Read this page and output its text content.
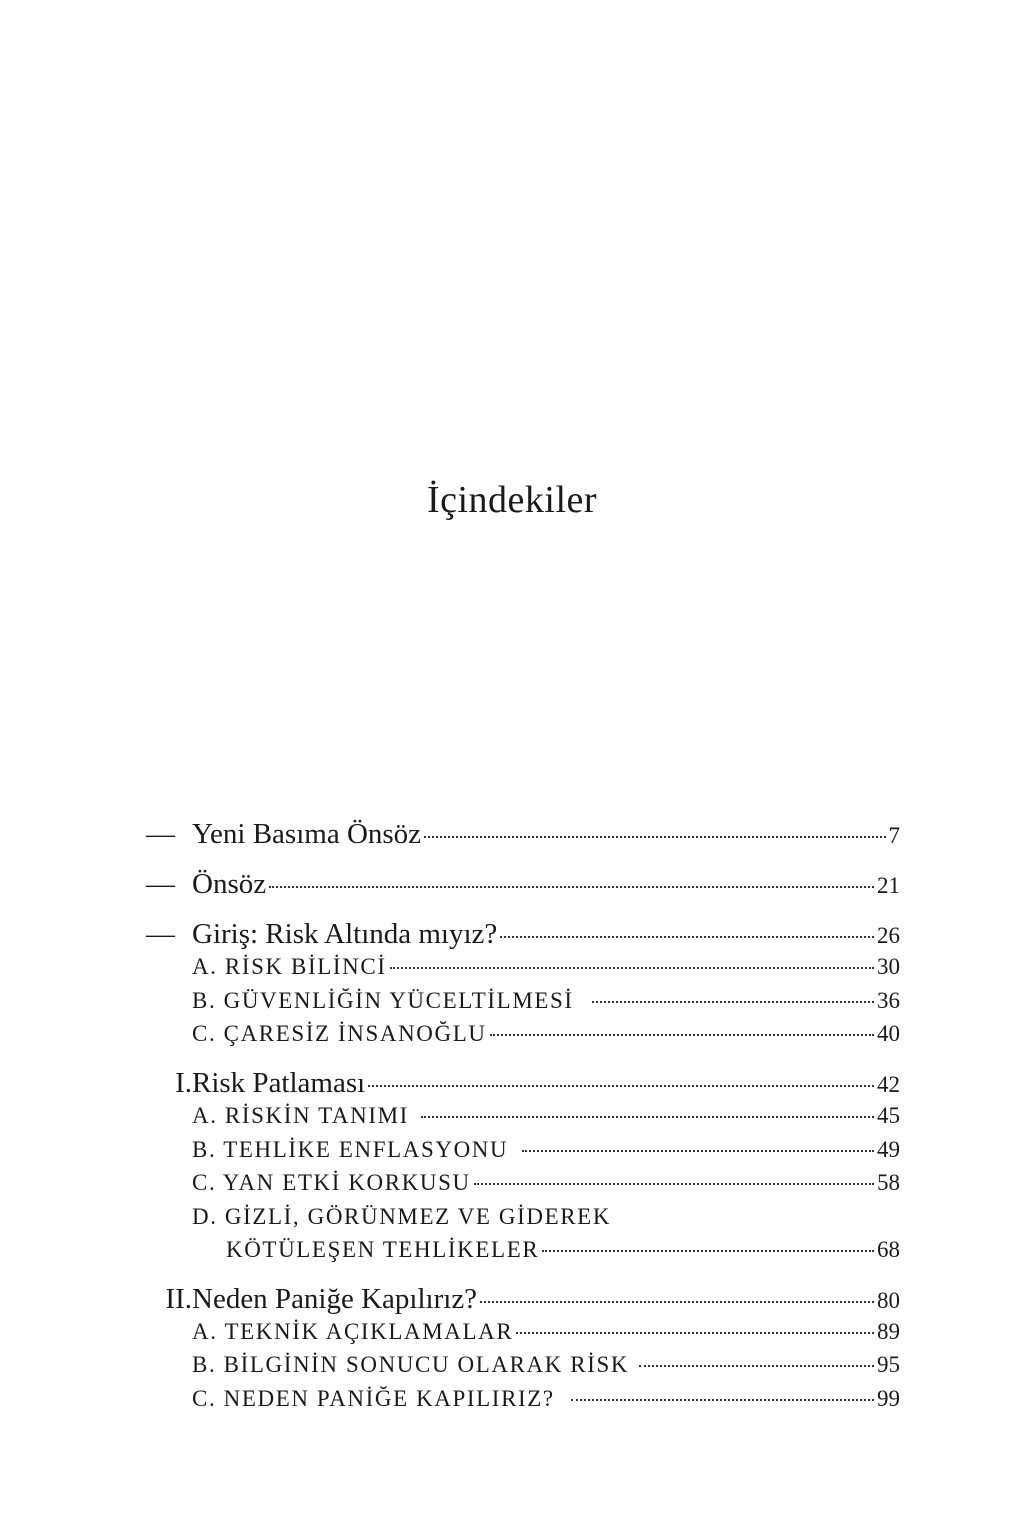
İçindekiler
— Yeni Basıma Önsöz	7
— Önsöz	21
— Giriş: Risk Altında mıyız?	26
A. RİSK BİLİNCİ	30
B. GÜVENLİĞİN YÜCELTİLMESİ	36
C. ÇARESİZ İNSANOĞLU	40
I. Risk Patlaması	42
A. RİSKİN TANIMI	45
B. TEHLİKE ENFLASYONU	49
C. YAN ETKİ KORKUSU	58
D. GİZLİ, GÖRÜNMEZ VE GİDEREK
KÖTÜLEŞEN TEHLİKELER	68
II. Neden Paniğe Kapılırız?	80
A. TEKNİK AÇIKLAMALAR	89
B. BİLGİNİN SONUCU OLARAK RİSK	95
C. NEDEN PANİĞE KAPILIRIZ?	99
